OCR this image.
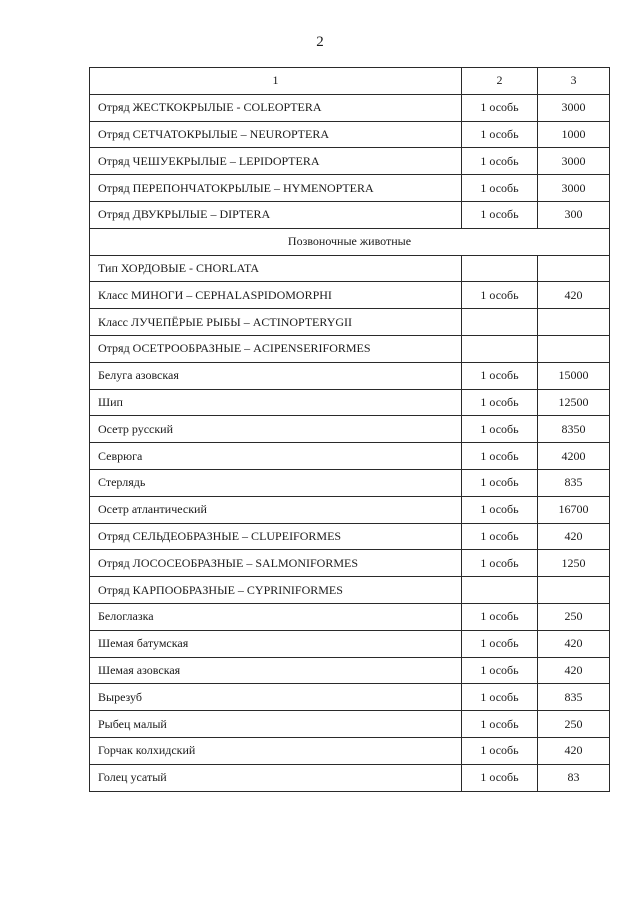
2
1	2	3
Отряд ЖЕСТКОКРЫЛЫЕ - COLEOPTERA	1 особь	3000
Отряд СЕТЧАТОКРЫЛЫЕ – NEUROPTERA	1 особь	1000
Отряд ЧЕШУЕКРЫЛЫЕ – LEPIDOPTERA	1 особь	3000
Отряд ПЕРЕПОНЧАТОКРЫЛЫЕ – HYMENOPTERA	1 особь	3000
Отряд ДВУКРЫЛЫЕ – DIPTERA	1 особь	300
Позвоночные животные		
Тип ХОРДОВЫЕ - CHORLATA		
Класс МИНОГИ – CEPHALASPIDOMORPHI	1 особь	420
Класс ЛУЧЕПЁРЫЕ РЫБЫ – ACTINOPTERYGII		
Отряд ОСЕТРООБРАЗНЫЕ – ACIPENSERIFORMES		
Белуга азовская	1 особь	15000
Шип	1 особь	12500
Осетр русский	1 особь	8350
Севрюга	1 особь	4200
Стерлядь	1 особь	835
Осетр атлантический	1 особь	16700
Отряд СЕЛЬДЕОБРАЗНЫЕ – CLUPEIFORMES	1 особь	420
Отряд ЛОСОСЕОБРАЗНЫЕ – SALMONIFORMES	1 особь	1250
Отряд КАРПООБРАЗНЫЕ – CYPRINIFORMES		
Белоглазка	1 особь	250
Шемая батумская	1 особь	420
Шемая азовская	1 особь	420
Вырезуб	1 особь	835
Рыбец малый	1 особь	250
Горчак колхидский	1 особь	420
Голец усатый	1 особь	83
